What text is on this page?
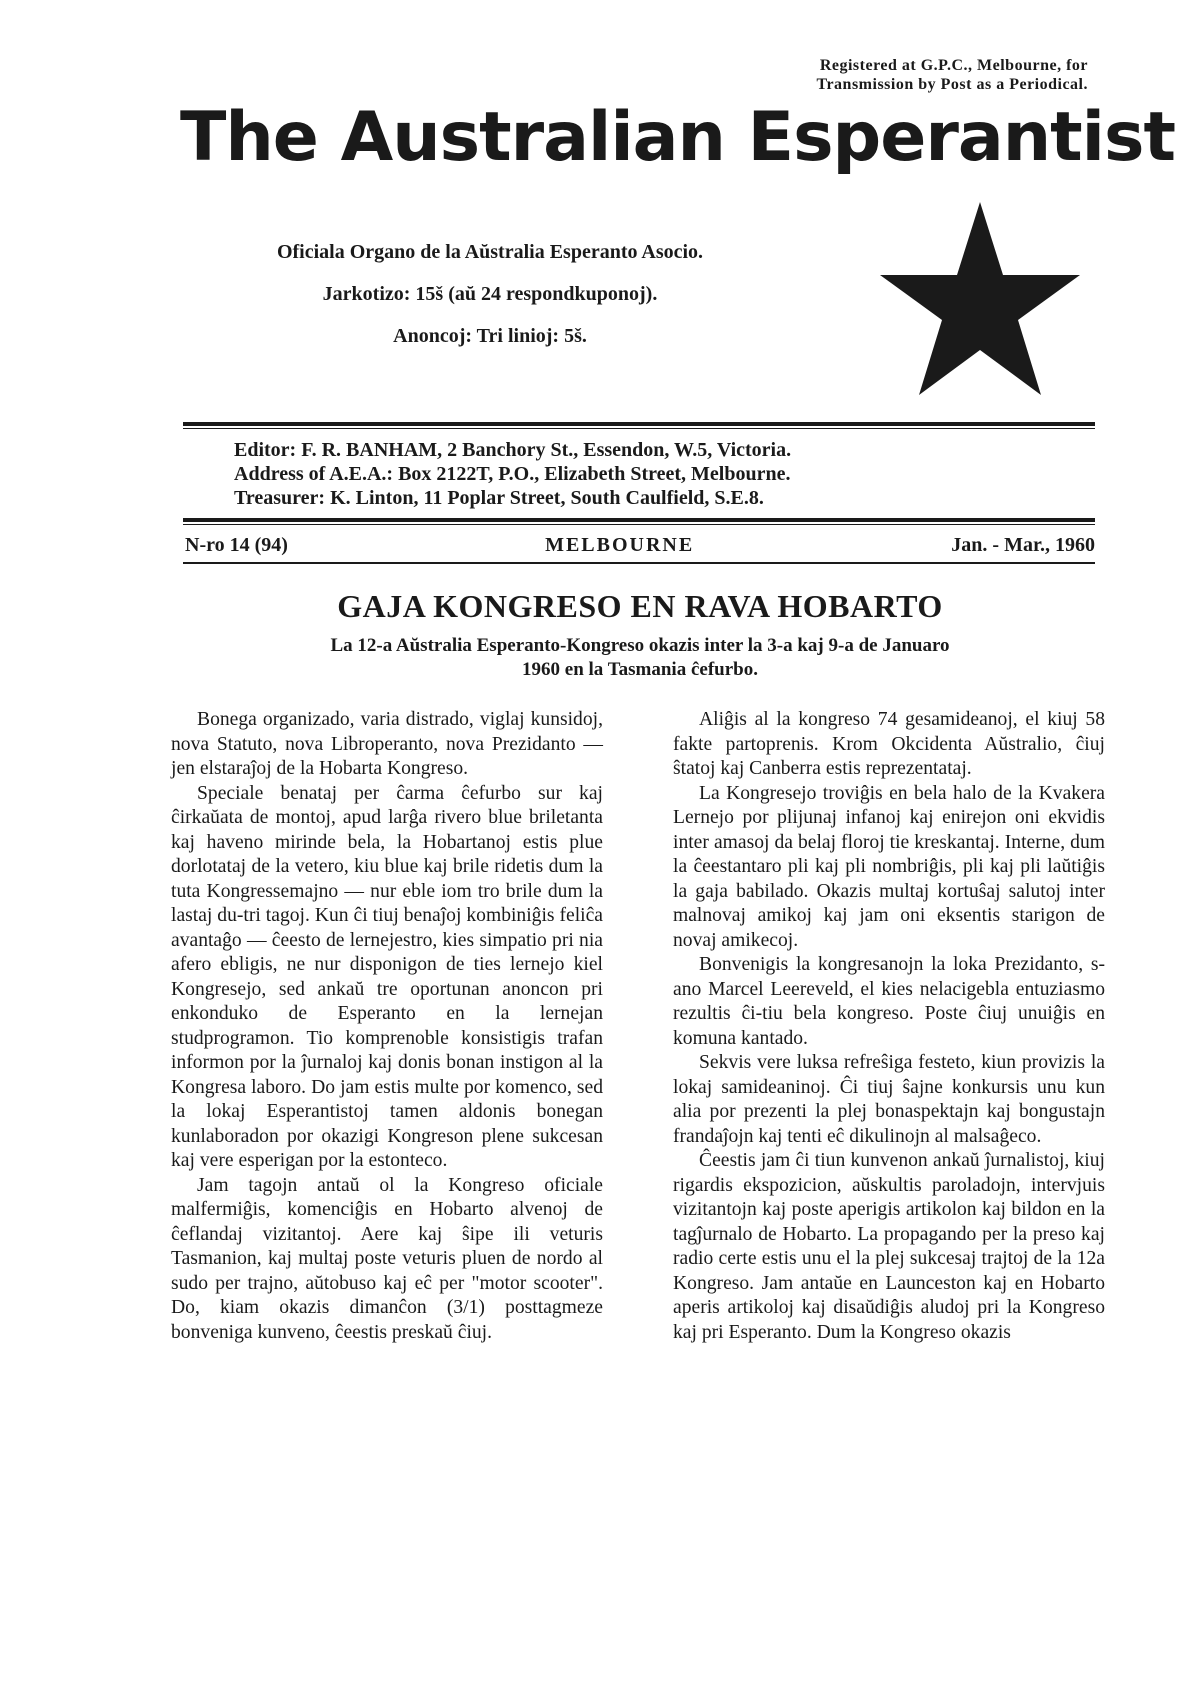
Registered at G.P.C., Melbourne, for
Transmission by Post as a Periodical.
The Australian Esperantist
Oficiala Organo de la Aŭstralia Esperanto Asocio.
Jarkotizo: 15š (aŭ 24 respondkuponoj).
Anoncoj: Tri linioj: 5š.
Editor: F. R. BANHAM, 2 Banchory St., Essendon, W.5, Victoria.
Address of A.E.A.: Box 2122T, P.O., Elizabeth Street, Melbourne.
Treasurer: K. Linton, 11 Poplar Street, South Caulfield, S.E.8.
N-ro 14 (94)	MELBOURNE	Jan. - Mar., 1960
GAJA KONGRESO EN RAVA HOBARTO
La 12-a Aŭstralia Esperanto-Kongreso okazis inter la 3-a kaj 9-a de Januaro
1960 en la Tasmania ĉefurbo.

Bonega organizado, varia distrado, viglaj kunsidoj, nova Statuto, nova Libroperanto, nova Prezidanto — jen elstaraĵoj de la Hobarta Kongreso.

Speciale benataj per ĉarma ĉefurbo sur kaj ĉirkaŭata de montoj, apud larĝa rivero blue briletanta kaj haveno mirinde bela, la Hobartanoj estis plue dorlotataj de la vetero, kiu blue kaj brile ridetis dum la tuta Kongressemajno — nur eble iom tro brile dum la lastaj du-tri tagoj. Kun ĉi tiuj benaĵoj kombiniĝis feliĉa avantaĝo — ĉeesto de lernejestro, kies simpatio pri nia afero ebligis, ne nur disponigon de ties lernejo kiel Kongresejo, sed ankaŭ tre oportunan anoncon pri enkonduko de Esperanto en la lernejan studprogramon. Tio komprenoble konsistigis trafan informon por la ĵurnaloj kaj donis bonan instigon al la Kongresa laboro. Do jam estis multe por komenco, sed la lokaj Esperantistoj tamen aldonis bonegan kunlaboradon por okazigi Kongreson plene sukcesan kaj vere esperigan por la estonteco.

Jam tagojn antaŭ ol la Kongreso oficiale malfermiĝis, komenciĝis en Hobarto alvenoj de ĉeflandaj vizitantoj. Aere kaj ŝipe ili veturis Tasmanion, kaj multaj poste veturis pluen de nordo al sudo per trajno, aŭtobuso kaj eĉ per "motor scooter". Do, kiam okazis dimanĉon (3/1) posttagmeze bonveniga kunveno, ĉeestis preskaŭ ĉiuj.

Aliĝis al la kongreso 74 gesamideanoj, el kiuj 58 fakte partoprenis. Krom Okcidenta Aŭstralio, ĉiuj ŝtatoj kaj Canberra estis reprezentataj.

La Kongresejo troviĝis en bela halo de la Kvakera Lernejo por plijunaj infanoj kaj enirejon oni ekvidis inter amasoj da belaj floroj tie kreskantaj. Interne, dum la ĉeestantaro pli kaj pli nombriĝis, pli kaj pli laŭtiĝis la gaja babilado. Okazis multaj kortuŝaj salutoj inter malnovaj amikoj kaj jam oni eksentis starigon de novaj amikecoj.

Bonvenigis la kongresanojn la loka Prezidanto, s-ano Marcel Leereveld, el kies nelacigebla entuziasmo rezultis ĉi-tiu bela kongreso. Poste ĉiuj unuiĝis en komuna kantado.

Sekvis vere luksa refreŝiga festeto, kiun provizis la lokaj samideaninoj. Ĉi tiuj ŝajne konkursis unu kun alia por prezenti la plej bonaspektajn kaj bongustajn frandaĵojn kaj tenti eĉ dikulinojn al malsaĝeco.

Ĉeestis jam ĉi tiun kunvenon ankaŭ ĵurnalistoj, kiuj rigardis ekspozicion, aŭskultis paroladojn, intervjuis vizitantojn kaj poste aperigis artikolon kaj bildon en la tagĵurnalo de Hobarto. La propagando per la preso kaj radio certe estis unu el la plej sukcesaj trajtoj de la 12a Kongreso. Jam antaŭe en Launceston kaj en Hobarto aperis artikoloj kaj disaŭdiĝis aludoj pri la Kongreso kaj pri Esperanto. Dum la Kongreso okazis
